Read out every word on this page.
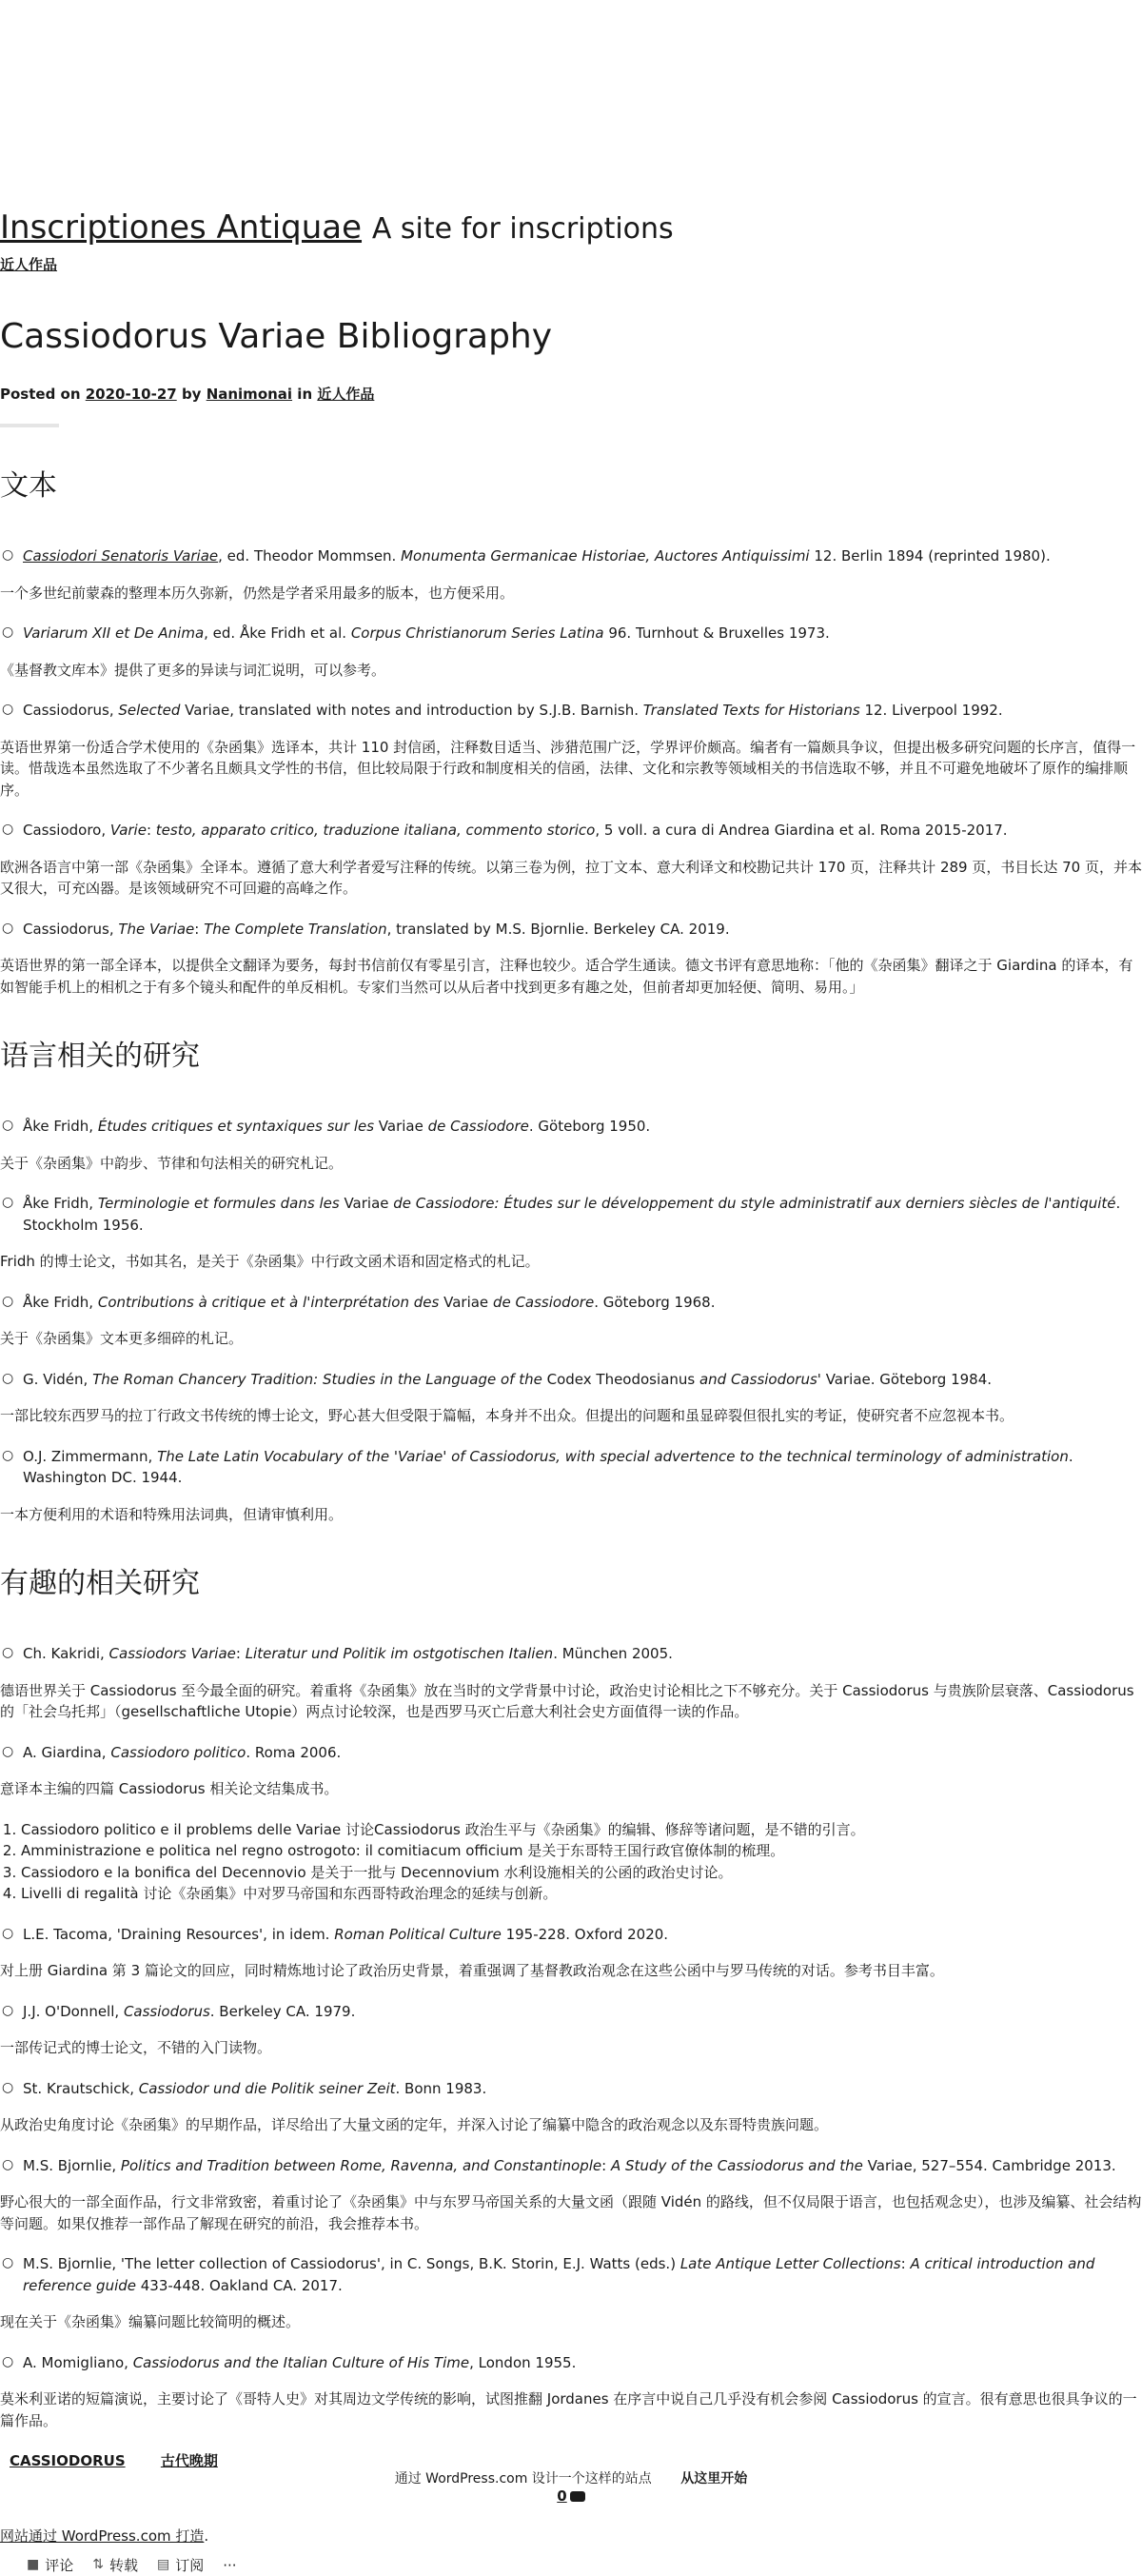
Inscriptiones Antiquae A site for inscriptions
近人作品
Cassiodorus Variae Bibliography
Posted on 2020-10-27 by Nanimonai in 近人作品
文本
○ Cassiodori Senatoris Variae, ed. Theodor Mommsen. Monumenta Germanicae Historiae, Auctores Antiquissimi 12. Berlin 1894 (reprinted 1980).

一个多世纪前蒙森的整理本历久弥新，仍然是学者采用最多的版本，也方便采用。

○ Variarum XII et De Anima, ed. Åke Fridh et al. Corpus Christianorum Series Latina 96. Turnhout & Bruxelles 1973.

《基督教文库本》提供了更多的异读与词汇说明，可以参考。

○ Cassiodorus, Selected Variae, translated with notes and introduction by S.J.B. Barnish. Translated Texts for Historians 12. Liverpool 1992.

英语世界第一份适合学术使用的《杂函集》选译本，共计 110 封信函，注释数目适当、涉猎范围广泛，学界评价颇高。编者有一篇颇具争议，但提出极多研究问题的长序言，值得一读。惜哉选本虽然选取了不少著名且颇具文学性的书信，但比较局限于行政和制度相关的信函，法律、文化和宗教等领域相关的书信选取不够，并且不可避免地破坏了原作的编排顺序。

○ Cassiodoro, Varie: testo, apparato critico, traduzione italiana, commento storico, 5 voll. a cura di Andrea Giardina et al. Roma 2015-2017.

欧洲各语言中第一部《杂函集》全译本。遵循了意大利学者爱写注释的传统。以第三卷为例，拉丁文本、意大利译文和校勘记共计 170 页，注释共计 289 页，书目长达 70 页，并本又很大，可充凶器。是该领域研究不可回避的高峰之作。

○ Cassiodorus, The Variae: The Complete Translation, translated by M.S. Bjornlie. Berkeley CA. 2019.

英语世界的第一部全译本，以提供全文翻译为要务，每封书信前仅有零星引言，注释也较少。适合学生通读。德文书评有意思地称：「他的《杂函集》翻译之于 Giardina 的译本，有如智能手机上的相机之于有多个镜头和配件的单反相机。专家们当然可以从后者中找到更多有趣之处，但前者却更加轻便、简明、易用。」

语言相关的研究
○ Åke Fridh, Études critiques et syntaxiques sur les Variae de Cassiodore. Göteborg 1950.

关于《杂函集》中韵步、节律和句法相关的研究札记。

○ Åke Fridh, Terminologie et formules dans les Variae de Cassiodore: Études sur le développement du style administratif aux derniers siècles de l'antiquité. Stockholm 1956.

Fridh 的博士论文，书如其名，是关于《杂函集》中行政文函术语和固定格式的札记。

○ Åke Fridh, Contributions à critique et à l'interprétation des Variae de Cassiodore. Göteborg 1968.

关于《杂函集》文本更多细碎的札记。

○ G. Vidén, The Roman Chancery Tradition: Studies in the Language of the Codex Theodosianus and Cassiodorus' Variae. Göteborg 1984.

一部比较东西罗马的拉丁行政文书传统的博士论文，野心甚大但受限于篇幅，本身并不出众。但提出的问题和虽显碎裂但很扎实的考证，使研究者不应忽视本书。

○ O.J. Zimmermann, The Late Latin Vocabulary of the 'Variae' of Cassiodorus, with special advertence to the technical terminology of administration. Washington DC. 1944.

一本方便利用的术语和特殊用法词典，但请审慎利用。

有趣的相关研究
○ Ch. Kakridi, Cassiodors Variae: Literatur und Politik im ostgotischen Italien. München 2005.

德语世界关于 Cassiodorus 至今最全面的研究。着重将《杂函集》放在当时的文学背景中讨论，政治史讨论相比之下不够充分。关于 Cassiodorus 与贵族阶层衰落、Cassiodorus 的「社会乌托邦」（gesellschaftliche Utopie）两点讨论较深，也是西罗马灭亡后意大利社会史方面值得一读的作品。

○ A. Giardina, Cassiodoro politico. Roma 2006.

意译本主编的四篇 Cassiodorus 相关论文结集成书。

1. Cassiodoro politico e il problems delle Variae 讨论Cassiodorus 政治生平与《杂函集》的编辑、修辞等诸问题，是不错的引言。
2. Amministrazione e politica nel regno ostrogoto: il comitiacum officium 是关于东哥特王国行政官僚体制的梳理。
3. Cassiodoro e la bonifica del Decennovio 是关于一批与 Decennovium 水利设施相关的公函的政治史讨论。
4. Livelli di regalità 讨论《杂函集》中对罗马帝国和东西哥特政治理念的延续与创新。
○ L.E. Tacoma, 'Draining Resources', in idem. Roman Political Culture 195-228. Oxford 2020.

对上册 Giardina 第 3 篇论文的回应，同时精炼地讨论了政治历史背景，着重强调了基督教政治观念在这些公函中与罗马传统的对话。参考书目丰富。

○ J.J. O'Donnell, Cassiodorus. Berkeley CA. 1979.

一部传记式的博士论文，不错的入门读物。

○ St. Krautschick, Cassiodor und die Politik seiner Zeit. Bonn 1983.

从政治史角度讨论《杂函集》的早期作品，详尽给出了大量文函的定年，并深入讨论了编纂中隐含的政治观念以及东哥特贵族问题。

○ M.S. Bjornlie, Politics and Tradition between Rome, Ravenna, and Constantinople: A Study of the Cassiodorus and the Variae, 527–554. Cambridge 2013.

野心很大的一部全面作品，行文非常致密，着重讨论了《杂函集》中与东罗马帝国关系的大量文函（跟随 Vidén 的路线，但不仅局限于语言，也包括观念史），也涉及编纂、社会结构等问题。如果仅推荐一部作品了解现在研究的前沿，我会推荐本书。

○ M.S. Bjornlie, 'The letter collection of Cassiodorus', in C. Songs, B.K. Storin, E.J. Watts (eds.) Late Antique Letter Collections: A critical introduction and reference guide 433-448. Oakland CA. 2017.

现在关于《杂函集》编纂问题比较简明的概述。

○ A. Momigliano, Cassiodorus and the Italian Culture of His Time, London 1955.

莫米利亚诺的短篇演说，主要讨论了《哥特人史》对其周边文学传统的影响，试图推翻 Jordanes 在序言中说自己几乎没有机会参阅 Cassiodorus 的宣言。很有意思也很具争议的一篇作品。

CASSIODORUS 古代晚期
0
网站通过 WordPress.com 打造.
■ 评论 ⇅ 转载 ▤ 订阅 ···
通过 WordPress.com 设计一个这样的站点 从这里开始
